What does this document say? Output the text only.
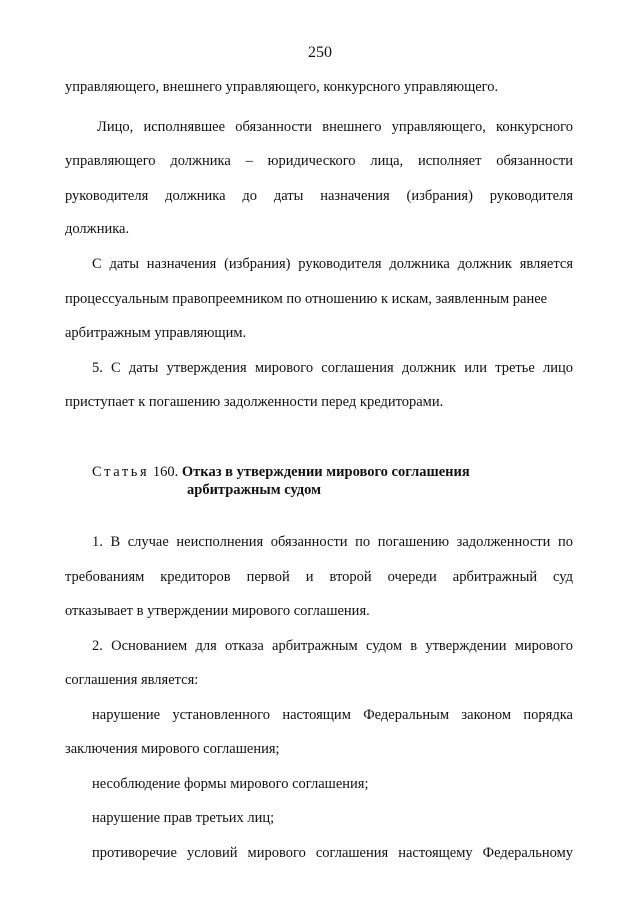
250

управляющего, внешнего управляющего, конкурсного управляющего.

Лицо, исполнявшее обязанности внешнего управляющего, конкурсного

управляющего должника – юридического лица, исполняет обязанности

руководителя должника до даты назначения (избрания) руководителя

должника.

С даты назначения (избрания) руководителя должника должник является

процессуальным правопреемником по отношению к искам, заявленным ранее

арбитражным управляющим.

5. С даты утверждения мирового соглашения должник или третье лицо

приступает к погашению задолженности перед кредиторами.

Статья 160. Отказ в утверждении мирового соглашения

арбитражным судом

1. В случае неисполнения обязанности по погашению задолженности по

требованиям кредиторов первой и второй очереди арбитражный суд

отказывает в утверждении мирового соглашения.

2. Основанием для отказа арбитражным судом в утверждении мирового

соглашения является:

нарушение установленного настоящим Федеральным законом порядка

заключения мирового соглашения;

несоблюдение формы мирового соглашения;

нарушение прав третьих лиц;

противоречие условий мирового соглашения настоящему Федеральному
